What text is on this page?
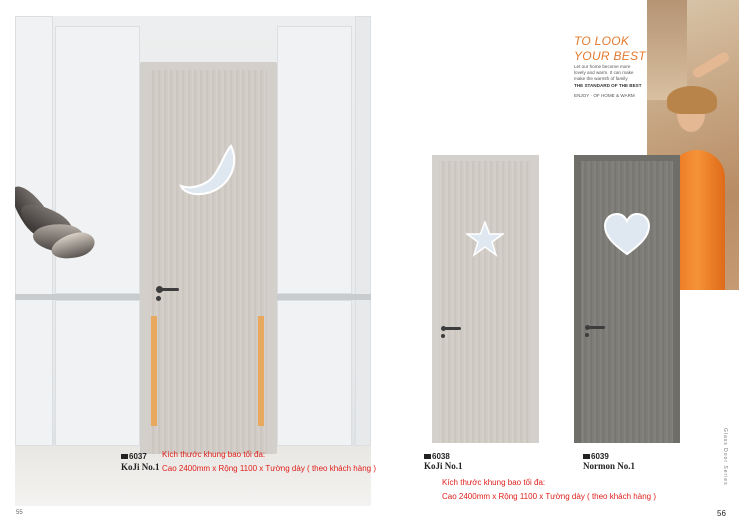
6037
KoJi No.1
Kích thước khung bao tối đa:
Cao 2400mm x Rộng 1100 x Tường dày ( theo khách hàng )
55
TO LOOK
YOUR BEST
Let our home become more
lovely and warm. It can make
make the warmth of family
THE STANDARD OF THE BEST
ENJOY · OF HOME & WARM
6038
KoJi No.1
6039
Normon No.1
Kích thước khung bao tối đa:
Cao 2400mm x Rộng 1100 x Tường dày ( theo khách hàng )
Glass Door Series
56
